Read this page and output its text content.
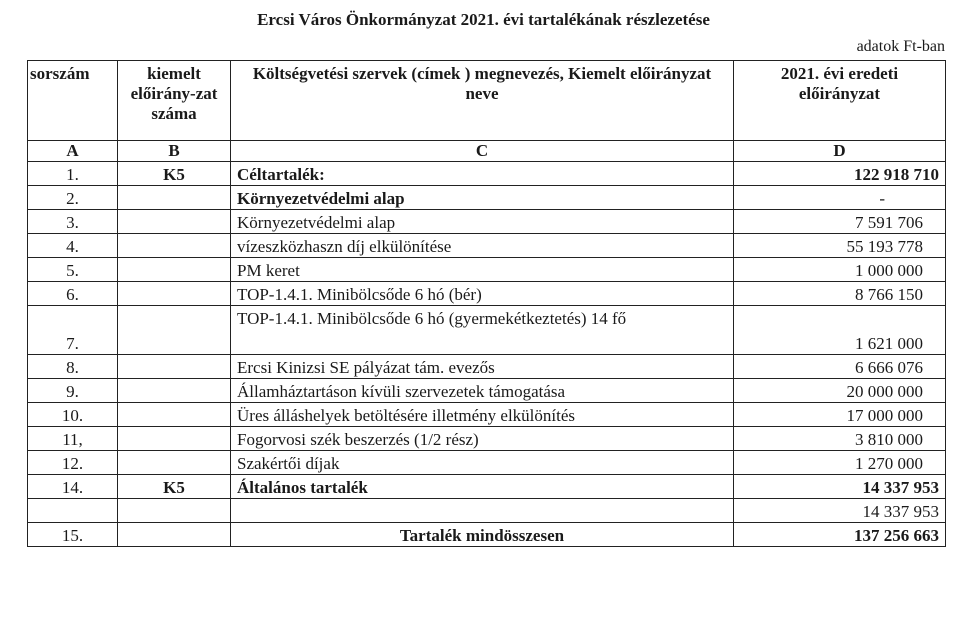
Ercsi Város Önkormányzat 2021. évi tartalékának részlezetése
adatok Ft-ban
sorszám	kiemelt előirány-zat száma	Költségvetési szervek (címek ) megnevezés, Kiemelt előirányzat neve	2021. évi eredeti előirányzat
A	B	C	D
1.	K5	Céltartalék:	122 918 710
2.		Környezetvédelmi alap	-
3.		Környezetvédelmi alap	7 591 706
4.		vízeszközhaszn díj elkülönítése	55 193 778
5.		PM keret	1 000 000
6.		TOP-1.4.1. Minibölcsőde 6 hó (bér)	8 766 150
7.		TOP-1.4.1. Minibölcsőde 6 hó (gyermekétkeztetés) 14 fő	1 621 000
8.		Ercsi Kinizsi SE pályázat tám. evezős	6 666 076
9.		Államháztartáson kívüli szervezetek támogatása	20 000 000
10.		Üres álláshelyek betöltésére illetmény elkülönítés	17 000 000
11,		Fogorvosi szék beszerzés (1/2 rész)	3 810 000
12.		Szakértői díjak	1 270 000
14.	K5	Általános tartalék	14 337 953
			14 337 953
15.		Tartalék mindösszesen	137 256 663
